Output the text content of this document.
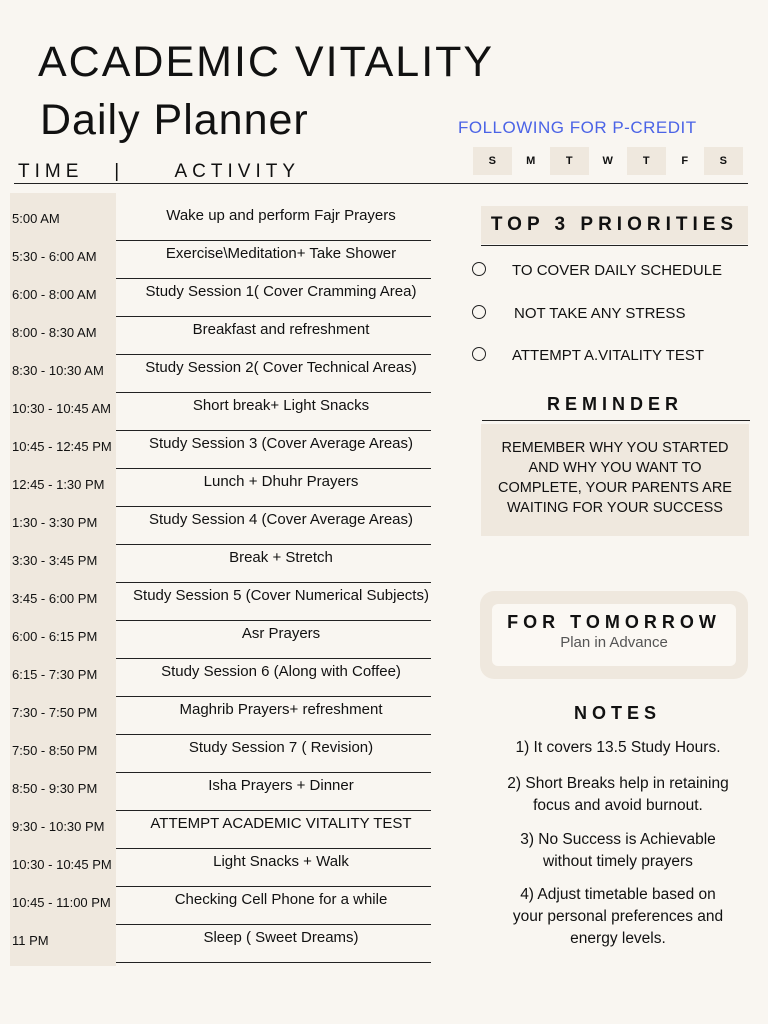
ACADEMIC VITALITY
Daily Planner	FOLLOWING FOR P-CREDIT
S	M	T	W	T	F	S
TIME   |     ACTIVITY
5:00 AM	Wake up and perform Fajr Prayers
5:30 - 6:00 AM	Exercise\Meditation+ Take Shower
6:00 - 8:00 AM	Study Session 1( Cover Cramming Area)
8:00 - 8:30 AM	Breakfast and refreshment
8:30 - 10:30 AM	Study Session 2( Cover Technical Areas)
10:30 - 10:45 AM	Short break+ Light Snacks
10:45 - 12:45 PM	Study Session 3 (Cover Average Areas)
12:45 - 1:30 PM	Lunch + Dhuhr Prayers
1:30 - 3:30 PM	Study Session 4 (Cover Average Areas)
3:30 - 3:45 PM	Break + Stretch
3:45 - 6:00 PM	Study Session 5 (Cover Numerical Subjects)
6:00 - 6:15 PM	Asr Prayers
6:15 - 7:30 PM	Study Session 6 (Along with Coffee)
7:30 - 7:50 PM	Maghrib Prayers+ refreshment
7:50 - 8:50 PM	Study Session 7 ( Revision)
8:50 - 9:30 PM	Isha Prayers + Dinner
9:30 - 10:30 PM	ATTEMPT ACADEMIC VITALITY TEST
10:30 - 10:45 PM	Light Snacks + Walk
10:45 - 11:00 PM	Checking Cell Phone for a while
11 PM	Sleep ( Sweet Dreams)
TOP 3 PRIORITIES
TO COVER DAILY SCHEDULE
NOT TAKE ANY STRESS
ATTEMPT A.VITALITY TEST
REMINDER
REMEMBER WHY YOU STARTED
AND WHY YOU WANT TO
COMPLETE, YOUR PARENTS ARE
WAITING FOR YOUR SUCCESS
FOR TOMORROW
Plan in Advance
NOTES
1) It covers 13.5 Study Hours.
2) Short Breaks help in retaining
focus and avoid burnout.
3) No Success is Achievable
without timely prayers
4) Adjust timetable based on
your personal preferences and
energy levels.
